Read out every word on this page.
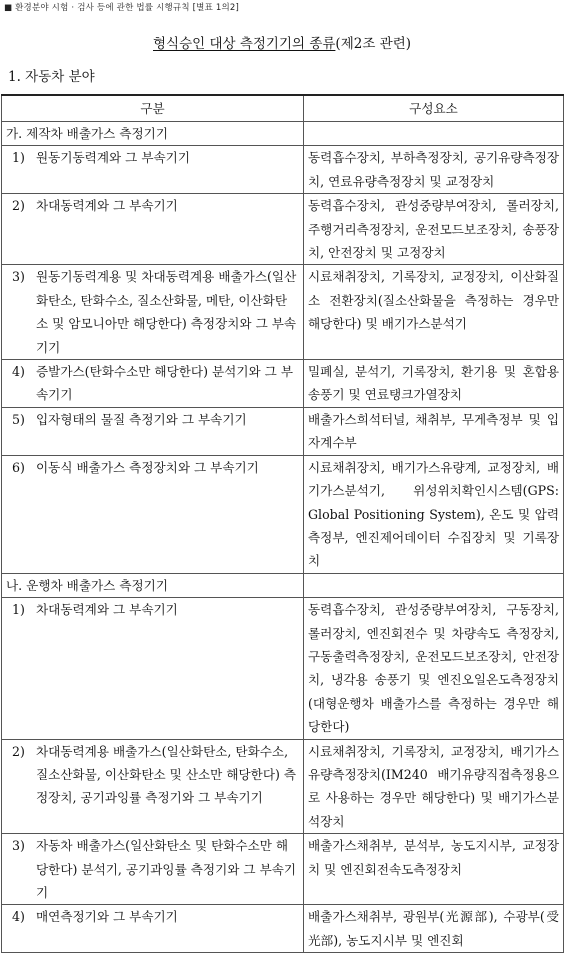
■ 환경분야 시험 · 검사 등에 관한 법률 시행규칙 [별표 1의2]
형식승인 대상 측정기기의 종류(제2조 관련)
1. 자동차 분야
구분	구성요소
가. 제작차 배출가스 측정기기	

1) 원동기동력계와 그 부속기기	동력흡수장치, 부하측정장치, 공기유량측정장치, 연료유량측정장치 및 교정장치

2) 차대동력계와 그 부속기기	동력흡수장치, 관성중량부여장치, 롤러장치, 주행거리측정장치, 운전모드보조장치, 송풍장치, 안전장치 및 고정장치

3) 원동기동력계용 및 차대동력계용 배출가스(일산화탄소, 탄화수소, 질소산화물, 메탄, 이산화탄소 및 암모니아만 해당한다) 측정장치와 그 부속기기	시료채취장치, 기록장치, 교정장치, 이산화질소 전환장치(질소산화물을 측정하는 경우만 해당한다) 및 배기가스분석기

4) 증발가스(탄화수소만 해당한다) 분석기와 그 부속기기	밀폐실, 분석기, 기록장치, 환기용 및 혼합용 송풍기 및 연료탱크가열장치

5) 입자형태의 물질 측정기와 그 부속기기	배출가스희석터널, 채취부, 무게측정부 및 입자계수부

6) 이동식 배출가스 측정장치와 그 부속기기	시료채취장치, 배기가스유량계, 교정장치, 배기가스분석기, 위성위치확인시스템(GPS: Global Positioning System), 온도 및 압력 측정부, 엔진제어데이터 수집장치 및 기록장치
나. 운행차 배출가스 측정기기	

1) 차대동력계와 그 부속기기	동력흡수장치, 관성중량부여장치, 구동장치, 롤러장치, 엔진회전수 및 차량속도 측정장치, 구동출력측정장치, 운전모드보조장치, 안전장치, 냉각용 송풍기 및 엔진오일온도측정장치(대형운행차 배출가스를 측정하는 경우만 해당한다)

2) 차대동력계용 배출가스(일산화탄소, 탄화수소, 질소산화물, 이산화탄소 및 산소만 해당한다) 측정장치, 공기과잉률 측정기와 그 부속기기	시료채취장치, 기록장치, 교정장치, 배기가스유량측정장치(IM240 배기유량직접측정용으로 사용하는 경우만 해당한다) 및 배기가스분석장치

3) 자동차 배출가스(일산화탄소 및 탄화수소만 해당한다) 분석기, 공기과잉률 측정기와 그 부속기기	배출가스채취부, 분석부, 농도지시부, 교정장치 및 엔진회전속도측정장치

4) 매연측정기와 그 부속기기	배출가스채취부, 광원부(光源部), 수광부(受光部), 농도지시부 및 엔진회
